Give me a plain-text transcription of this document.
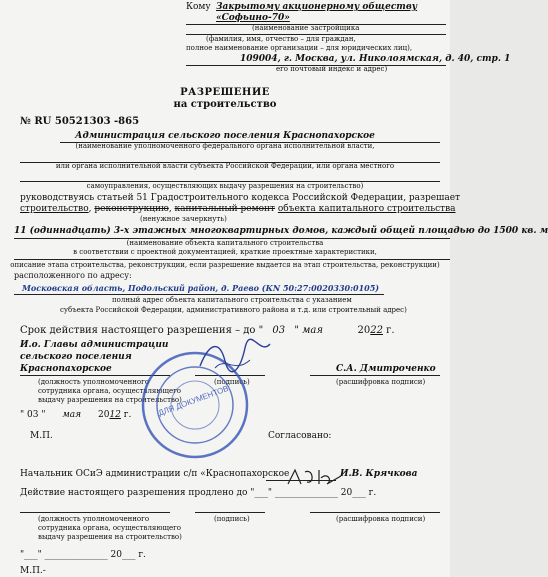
Кому Закрытому акционерному обществу
«Софьино-70»
(наименование застройщика
(фамилия, имя, отчество – для граждан,
полное наименование организации – для юридических лиц),
109004, г. Москва, ул. Николоямская, д. 40, стр. 1
его почтовый индекс и адрес)
РАЗРЕШЕНИЕ
на строительство
№ RU 50521303 -865
Администрация сельского поселения Краснопахорское
(наименование уполномоченного федерального органа исполнительной власти,
или органа исполнительной власти субъекта Российской Федерации, или органа местного
самоуправления, осуществляющих выдачу разрешения на строительство)
руководствуясь статьей 51 Градостроительного кодекса Российской Федерации, разрешает
строительство, реконструкцию, капитальный ремонт объекта капитального строительства
(ненужное зачеркнуть)
11 (одиннадцать) 3-х этажных многоквартирных домов, каждый общей площадью до 1500 кв. м
(наименование объекта капитального строительства
в соответствии с проектной документацией, краткие проектные характеристики,
описание этапа строительства, реконструкции, если разрешение выдается на этап строительства, реконструкции)
расположенного по адресу:
Московская область, Подольский район, д. Раево (КN 50:27:0020330:0105)
полный адрес объекта капитального строительства с указанием
субъекта Российской Федерации, административного района и т.д. или строительный адрес)
Срок действия настоящего разрешения – до " 03 " мая	2022 г.
И.о. Главы администрации
сельского поселения
Краснопахорское	С.А. Дмитроченко
(должность уполномоченного
сотрудника органа, осуществляющего
выдачу разрешения на строительство)
(подпись)	(расшифровка подписи)
" 03 " мая 2012 г.
М.П.	Согласовано:
Начальник ОСиЭ администрации с/п «Краснопахорское	И.В. Крячкова
Действие настоящего разрешения продлено до "___" ______________ 20___ г.
(должность уполномоченного
сотрудника органа, осуществляющего
выдачу разрешения на строительство)
(подпись)	(расшифровка подписи)
"___" ______________ 20___ г.
М.П.-
ДЛЯ ДОКУМЕНТОВ
